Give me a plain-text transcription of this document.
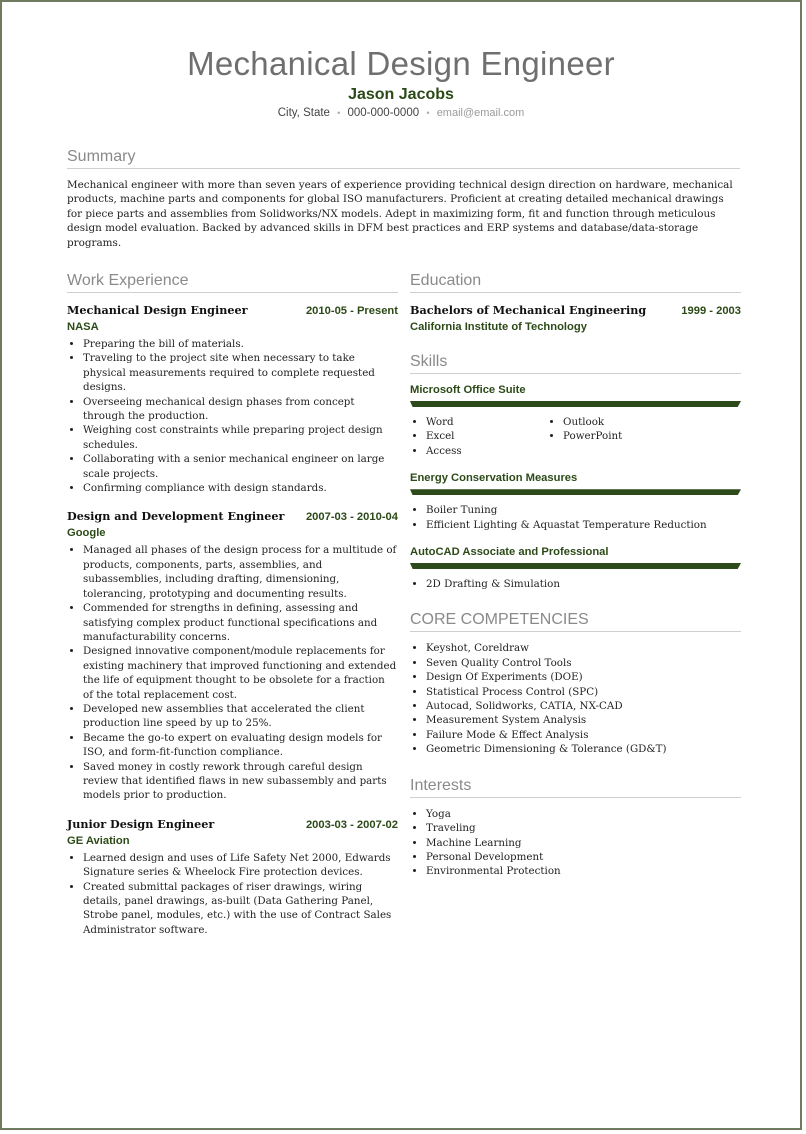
Mechanical Design Engineer
Jason Jacobs
City, State • 000-000-0000 • email@email.com
Summary

Mechanical engineer with more than seven years of experience providing technical design direction on hardware, mechanical products, machine parts and components for global ISO manufacturers. Proficient at creating detailed mechanical drawings for piece parts and assemblies from Solidworks/NX models. Adept in maximizing form, fit and function through meticulous design model evaluation. Backed by advanced skills in DFM best practices and ERP systems and database/data-storage programs.

Work Experience
Mechanical Design Engineer	2010-05 - Present
NASA
• Preparing the bill of materials.
• Traveling to the project site when necessary to take physical measurements required to complete requested designs.
• Overseeing mechanical design phases from concept through the production.
• Weighing cost constraints while preparing project design schedules.
• Collaborating with a senior mechanical engineer on large scale projects.
• Confirming compliance with design standards.
Design and Development Engineer 2007-03 - 2010-04
Google
• Managed all phases of the design process for a multitude of products, components, parts, assemblies, and subassemblies, including drafting, dimensioning, tolerancing, prototyping and documenting results.
• Commended for strengths in defining, assessing and satisfying complex product functional specifications and manufacturability concerns.
• Designed innovative component/module replacements for existing machinery that improved functioning and extended the life of equipment thought to be obsolete for a fraction of the total replacement cost.
• Developed new assemblies that accelerated the client production line speed by up to 25%.
• Became the go-to expert on evaluating design models for ISO, and form-fit-function compliance.
• Saved money in costly rework through careful design review that identified flaws in new subassembly and parts models prior to production.
Junior Design Engineer	2003-03 - 2007-02
GE Aviation
• Learned design and uses of Life Safety Net 2000, Edwards Signature series & Wheelock Fire protection devices.
• Created submittal packages of riser drawings, wiring details, panel drawings, as-built (Data Gathering Panel, Strobe panel, modules, etc.) with the use of Contract Sales Administrator software.
Education
Bachelors of Mechanical Engineering	1999 - 2003
California Institute of Technology
Skills
Microsoft Office Suite
• Word	• Outlook
• Excel	• PowerPoint
• Access
Energy Conservation Measures
• Boiler Tuning
• Efficient Lighting & Aquastat Temperature Reduction
AutoCAD Associate and Professional
• 2D Drafting & Simulation
CORE COMPETENCIES
• Keyshot, Coreldraw
• Seven Quality Control Tools
• Design Of Experiments (DOE)
• Statistical Process Control (SPC)
• Autocad, Solidworks, CATIA, NX-CAD
• Measurement System Analysis
• Failure Mode & Effect Analysis
• Geometric Dimensioning & Tolerance (GD&T)
Interests
• Yoga
• Traveling
• Machine Learning
• Personal Development
• Environmental Protection
